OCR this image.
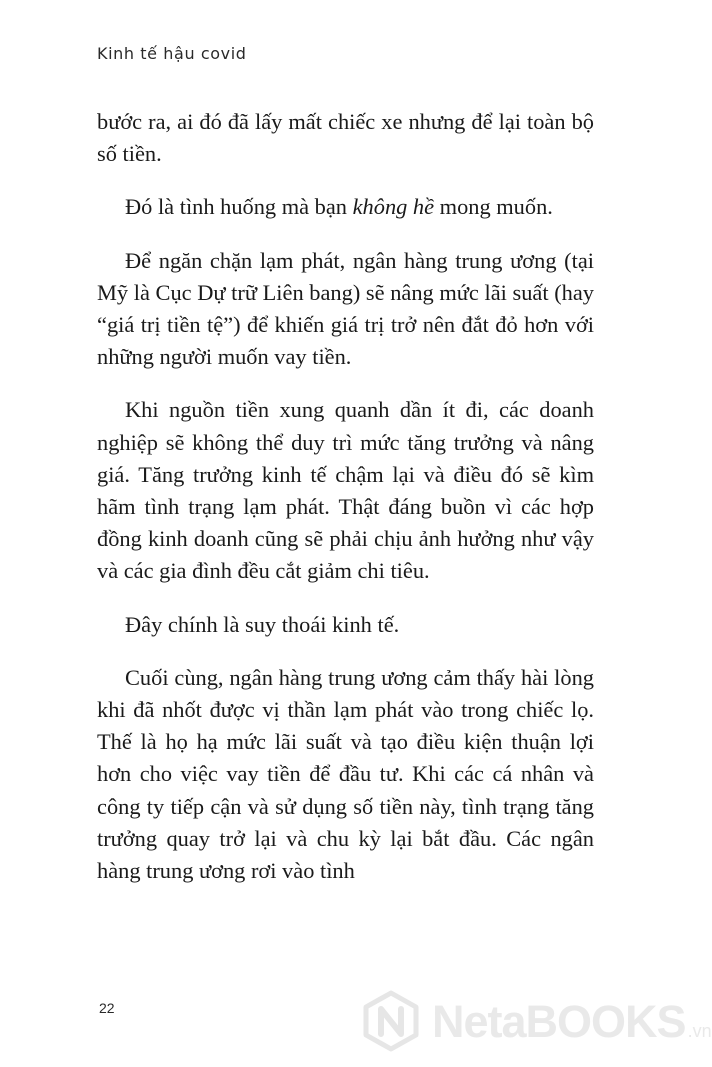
Kinh tế hậu covid

bước ra, ai đó đã lấy mất chiếc xe nhưng để lại toàn bộ số tiền.

Đó là tình huống mà bạn không hề mong muốn.

Để ngăn chặn lạm phát, ngân hàng trung ương (tại Mỹ là Cục Dự trữ Liên bang) sẽ nâng mức lãi suất (hay “giá trị tiền tệ”) để khiến giá trị trở nên đắt đỏ hơn với những người muốn vay tiền.

Khi nguồn tiền xung quanh dần ít đi, các doanh nghiệp sẽ không thể duy trì mức tăng trưởng và nâng giá. Tăng trưởng kinh tế chậm lại và điều đó sẽ kìm hãm tình trạng lạm phát. Thật đáng buồn vì các hợp đồng kinh doanh cũng sẽ phải chịu ảnh hưởng như vậy và các gia đình đều cắt giảm chi tiêu.

Đây chính là suy thoái kinh tế.

Cuối cùng, ngân hàng trung ương cảm thấy hài lòng khi đã nhốt được vị thần lạm phát vào trong chiếc lọ. Thế là họ hạ mức lãi suất và tạo điều kiện thuận lợi hơn cho việc vay tiền để đầu tư. Khi các cá nhân và công ty tiếp cận và sử dụng số tiền này, tình trạng tăng trưởng quay trở lại và chu kỳ lại bắt đầu. Các ngân hàng trung ương rơi vào tình

22	NetaBOOKS .vn
